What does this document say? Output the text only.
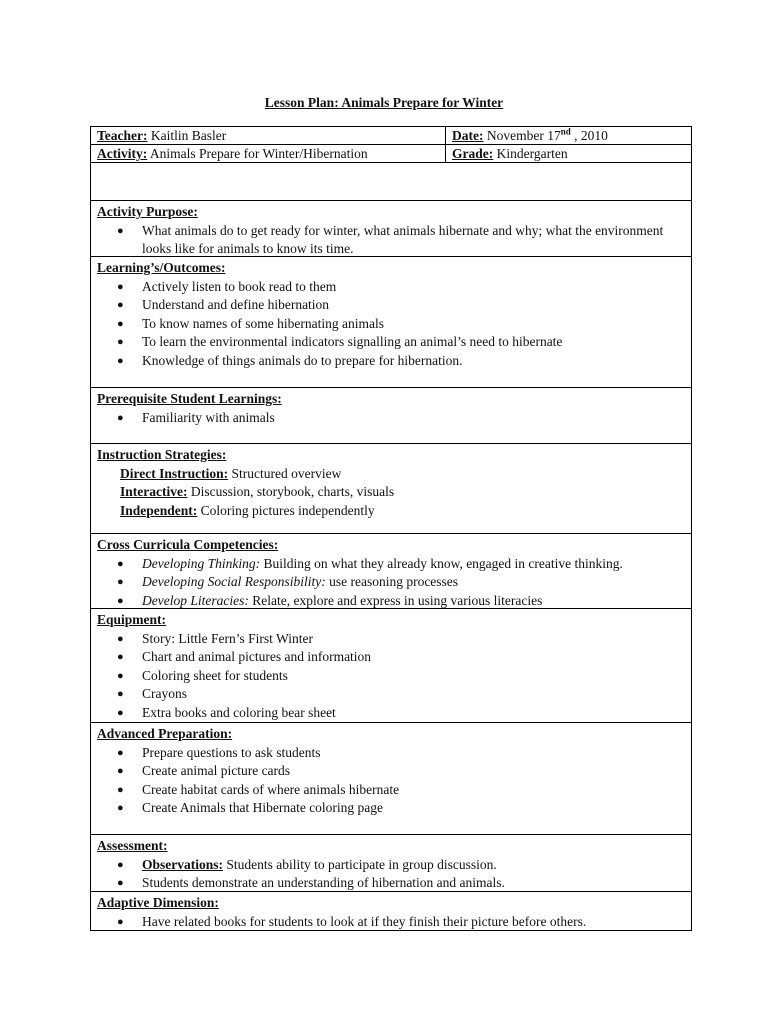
Lesson Plan: Animals Prepare for Winter
Teacher: Kaitlin Basler	Date: November 17nd , 2010
Activity: Animals Prepare for Winter/Hibernation	Grade: Kindergarten
Activity Purpose:
● What animals do to get ready for winter, what animals hibernate and why; what the environment looks like for animals to know its time.
Learning’s/Outcomes:
● Actively listen to book read to them
● Understand and define hibernation
● To know names of some hibernating animals
● To learn the environmental indicators signalling an animal’s need to hibernate
● Knowledge of things animals do to prepare for hibernation.
Prerequisite Student Learnings:
● Familiarity with animals
Instruction Strategies:
Direct Instruction: Structured overview
Interactive: Discussion, storybook, charts, visuals
Independent: Coloring pictures independently
Cross Curricula Competencies:
● Developing Thinking: Building on what they already know, engaged in creative thinking.
● Developing Social Responsibility: use reasoning processes
● Develop Literacies: Relate, explore and express in using various literacies
Equipment:
● Story: Little Fern’s First Winter
● Chart and animal pictures and information
● Coloring sheet for students
● Crayons
● Extra books and coloring bear sheet
Advanced Preparation:
● Prepare questions to ask students
● Create animal picture cards
● Create habitat cards of where animals hibernate
● Create Animals that Hibernate coloring page
Assessment:
● Observations: Students ability to participate in group discussion.
● Students demonstrate an understanding of hibernation and animals.
Adaptive Dimension:
● Have related books for students to look at if they finish their picture before others.
